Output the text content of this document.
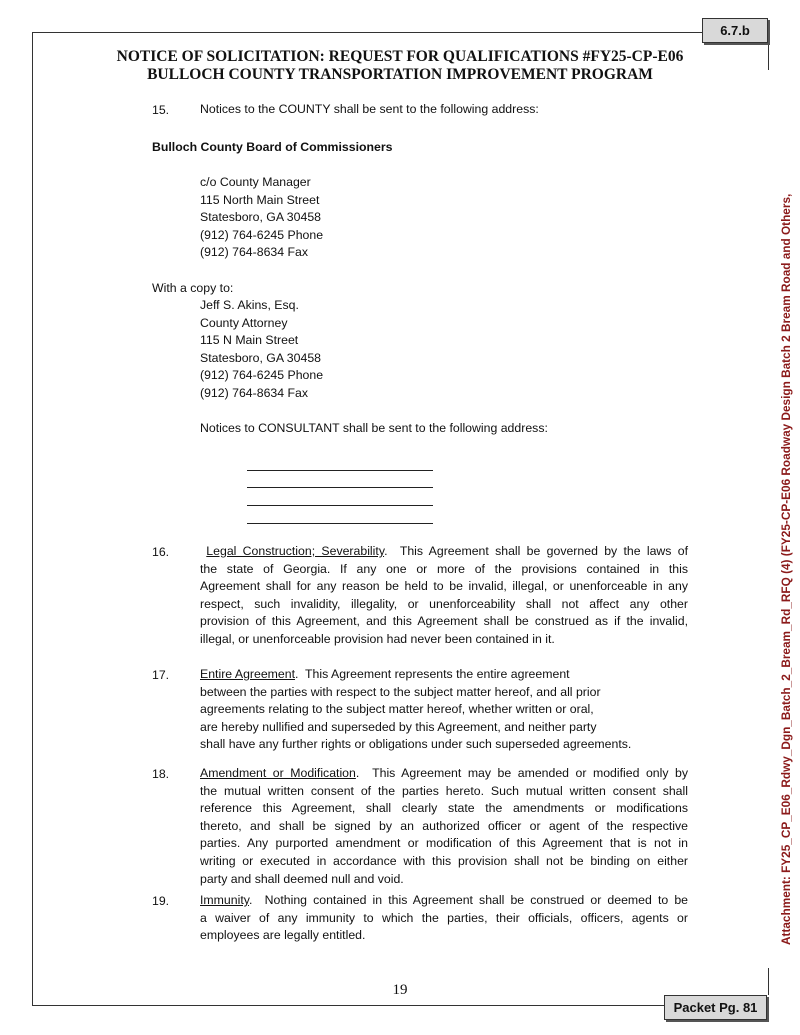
6.7.b
Packet Pg. 81
NOTICE OF SOLICITATION: REQUEST FOR QUALIFICATIONS #FY25-CP-E06
BULLOCH COUNTY TRANSPORTATION IMPROVEMENT PROGRAM
15.	Notices to the COUNTY shall be sent to the following address:
Bulloch County Board of Commissioners
c/o County Manager
115 North Main Street
Statesboro, GA 30458
(912) 764-6245 Phone
(912) 764-8634 Fax
With a copy to:
Jeff S. Akins, Esq.
County Attorney
115 N Main Street
Statesboro, GA 30458
(912) 764-6245 Phone
(912) 764-8634 Fax
Notices to CONSULTANT shall be sent to the following address:
16.	Legal Construction; Severability.  This Agreement shall be governed by the laws of
the state of Georgia. If any one or more of the provisions contained in this
Agreement shall for any reason be held to be invalid, illegal, or unenforceable in any
respect, such invalidity, illegality, or unenforceability shall not affect any other
provision of this Agreement, and this Agreement shall be construed as if the invalid,
illegal, or unenforceable provision had never been contained in it.
17.	Entire Agreement.  This Agreement represents the entire agreement
between the parties with respect to the subject matter hereof, and all prior
agreements relating to the subject matter hereof, whether written or oral,
are hereby nullified and superseded by this Agreement, and neither party
shall have any further rights or obligations under such superseded agreements.
18.	Amendment or Modification.  This Agreement may be amended or modified only by
the mutual written consent of the parties hereto. Such mutual written consent shall
reference this Agreement, shall clearly state the amendments or modifications
thereto, and shall be signed by an authorized officer or agent of the respective
parties. Any purported amendment or modification of this Agreement that is not in
writing or executed in accordance with this provision shall not be binding on either
party and shall deemed null and void.
19.	Immunity.  Nothing contained in this Agreement shall be construed or deemed to be
a waiver of any immunity to which the parties, their officials, officers, agents or
employees are legally entitled.
19
Attachment: FY25_CP_E06_Rdwy_Dgn_Batch_2_Bream_Rd_RFQ (4) (FY25-CP-E06 Roadway Design Batch 2 Bream Road and Others,
